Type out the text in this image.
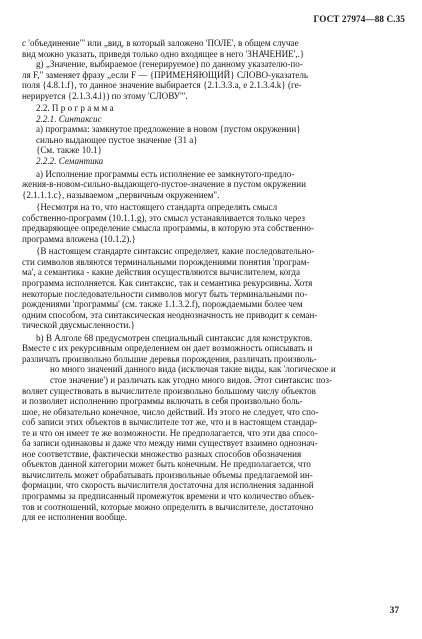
ГОСТ 27974—88 С.35
с 'объединение'" или „вид, в который заложено 'ПОЛЕ', в общем случае
вид можно указать, приведя только одно входящее в него 'ЗНАЧЕНИЕ',.}
g) „Значение, выбираемое (генерируемое) по данному указателю-по-
ля F," заменяет фразу „если F — {ПРИМЕНЯЮЩИЙ} СЛОВО-указатель
поля {4.8.1.f}, то данное значение выбирается {2.1.3.3.a, e 2.1.3.4.k} (ге-
нерируется {2.1.3.4.l}) по этому 'СЛОВУ'".
2.2. П р о г р а м м а
2.2.1. Синтаксис
a) программа: замкнутое предложение в новом {пустом окружении}
сильно выдающее пустое значение {31 a}
{См. также 10.1}
2.2.2. Семантика
a) Исполнение программы есть исполнение ее замкнутого-предло-
жения-в-новом-сильно-выдающего-пустое-значение в пустом окружении
{2.1.1.1.c}, называемом „первичным окружением".
{Несмотря на то, что настоящего стандарта определять смысл
собственно-программ (10.1.1.g), это смысл устанавливается только через
предваряющее определение смысла программы, в которую эта собственно-
программа вложена (10.1.2).}
{В настоящем стандарте синтаксис определяет, какие последовательно-
сти символов являются терминальными порождениями понятия 'програм-
ма', а семантика - какие действия осуществляются вычислителем, когда
программа исполняется. Как синтаксис, так и семантика рекурсивны. Хотя
некоторые последовательности символов могут быть терминальными по-
рождениями 'программы' (см. также 1.1.3.2.f), порождаемыми более чем
одним способом, эта синтаксическая неоднозначность не приводит к семан-
тической двусмысленности.}
b) В Алголе 68 предусмотрен специальный синтаксис для конструктов.
Вместе с их рекурсивным определением он дает возможность описывать и
различать произвольно большие деревья порождения, различать произволь-
но много значений данного вида (исключая такие виды, как 'логическое и
стое значение') и различать как угодно много видов. Этот синтаксис поз-
воляет существовать в вычислителе произвольно большому числу объектов
и позволяет исполнению программы включать в себя произвольно боль-
шое, не обязательно конечное, число действий. Из этого не следует, что спо-
соб записи этих объектов в вычислителе тот же, что и в настоящем стандар-
те и что он имеет те же возможности. Не предполагается, что эти два спосо-
ба записи одинаковы и даже что между ними существует взаимно однознач-
ное соответствие, фактически множество разных способов обозначения
объектов данной категории может быть конечным. Не предполагается, что
вычислитель может обрабатывать произвольные объемы предлагаемой ин-
формации, что скорость вычислителя достаточна для исполнения заданной
программы за предписанный промежуток времени и что количество объек-
тов и соотношений, которые можно определить в вычислителе, достаточно
для ее исполнения вообще.
37
